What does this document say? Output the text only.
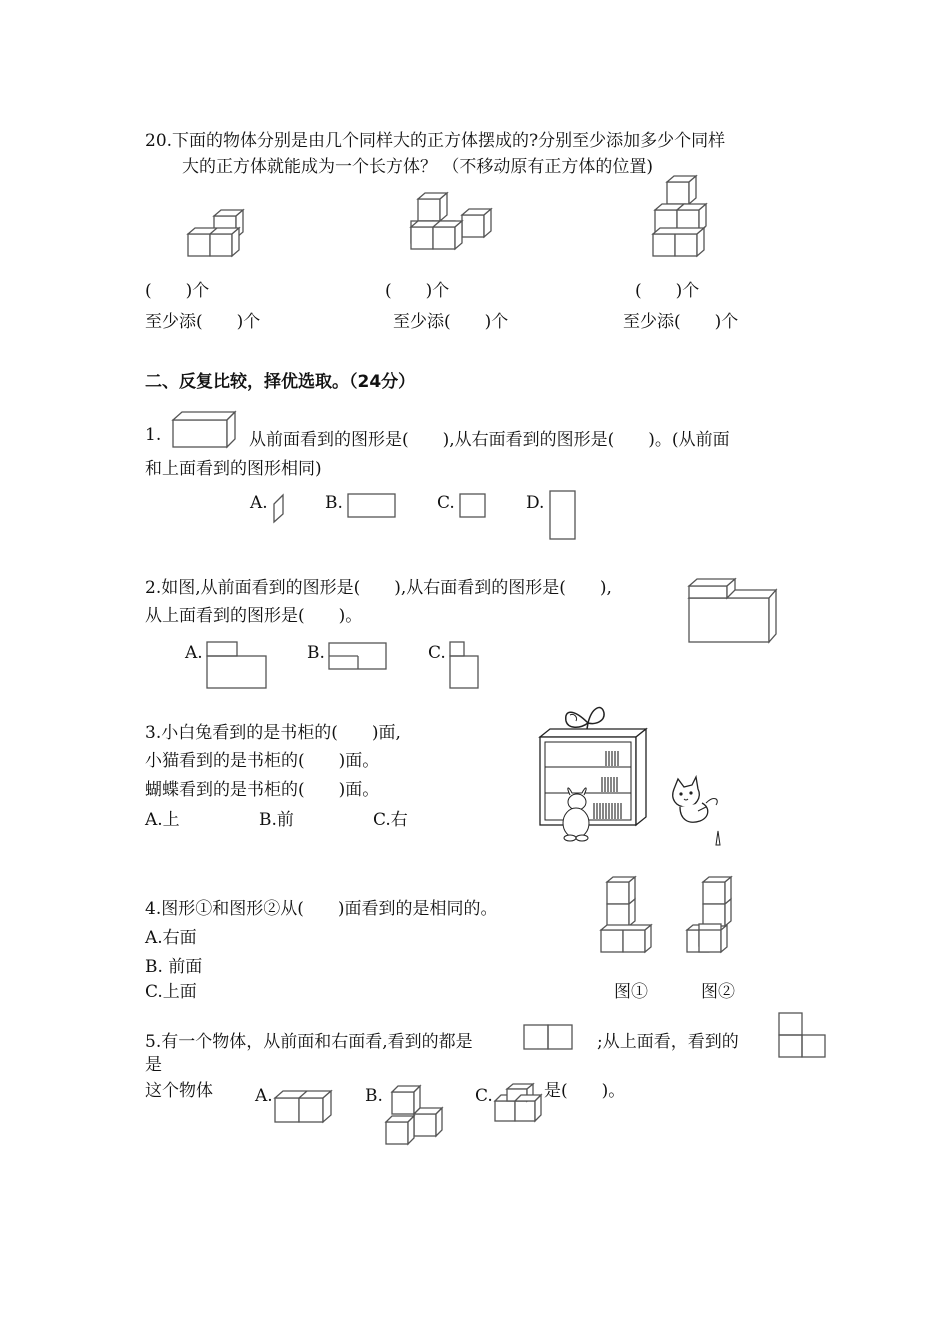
20.下面的物体分别是由几个同样大的正方体摆成的?分别至少添加多少个同样
大的正方体就能成为一个长方体？ （不移动原有正方体的位置)
(　　)个	(　　)个	(　　)个
至少添(　　)个	至少添(　　)个	至少添(　　)个
二、反复比较，择优选取。（24分）
1.	从前面看到的图形是(　　),从右面看到的图形是(　　)。(从前面
和上面看到的图形相同)
A.	B.	C.	D.
2.如图,从前面看到的图形是(　　),从右面看到的图形是(　　),
从上面看到的图形是(　　)。
A.	B.	C.
3.小白兔看到的是书柜的(　　)面,
小猫看到的是书柜的(　　)面。
蝴蝶看到的是书柜的(　　)面。
A.上	B.前	C.右
4.图形①和图形②从(　　)面看到的是相同的。
A.右面
B. 前面
C.上面	图①	图②
5.有一个物体，从前面和右面看,看到的都是	;从上面看，看到的
是
这个物体 A.	B.	C.	是(　　)。
